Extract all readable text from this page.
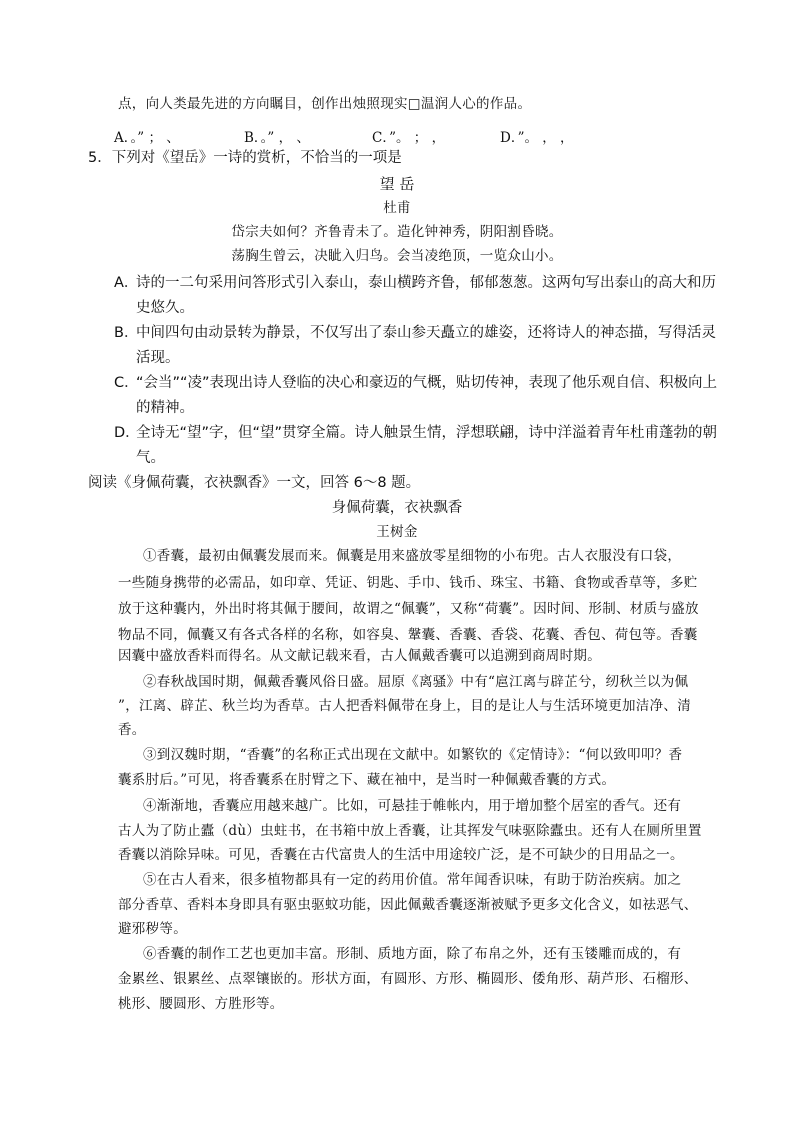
点，向人类最先进的方向瞩目，创作出烛照现实□温润人心的作品。
A．。” ； 、	B．。” ， 、	C．”。 ； ，	D．”。 ， ，
5．下列对《望岳》一诗的赏析，不恰当的一项是
望 岳
杜甫
岱宗夫如何？齐鲁青未了。造化钟神秀，阴阳割昏晓。
荡胸生曾云，决眦入归鸟。会当凌绝顶，一览众山小。
A．
诗的一二句采用问答形式引入泰山，泰山横跨齐鲁，郁郁葱葱。这两句写出泰山的高大和历
史悠久。
B．
中间四句由动景转为静景，不仅写出了泰山参天矗立的雄姿，还将诗人的神态描，写得活灵
活现。
C．
“会当”“凌”表现出诗人登临的决心和豪迈的气概，贴切传神，表现了他乐观自信、积极向上
的精神。
D．
全诗无“望”字，但“望”贯穿全篇。诗人触景生情，浮想联翩，诗中洋溢着青年杜甫蓬勃的朝
气。
阅读《身佩荷囊，衣袂飘香》一文，回答 6～8 题。
身佩荷囊，衣袂飘香
王树金
①香囊，最初由佩囊发展而来。佩囊是用来盛放零星细物的小布兜。古人衣服没有口袋，
一些随身携带的必需品，如印章、凭证、钥匙、手巾、钱币、珠宝、书籍、食物或香草等，多贮
放于这种囊内，外出时将其佩于腰间，故谓之“佩囊”，又称“荷囊”。因时间、形制、材质与盛放
物品不同，佩囊又有各式各样的名称，如容臭、鞶囊、香囊、香袋、花囊、香包、荷包等。香囊
因囊中盛放香料而得名。从文献记载来看，古人佩戴香囊可以追溯到商周时期。
②春秋战国时期，佩戴香囊风俗日盛。屈原《离骚》中有“扈江离与辟芷兮，纫秋兰以为佩
”，江离、辟芷、秋兰均为香草。古人把香料佩带在身上，目的是让人与生活环境更加洁净、清
香。
③到汉魏时期，“香囊”的名称正式出现在文献中。如繁钦的《定情诗》：“何以致叩叩？香
囊系肘后。”可见，将香囊系在肘臂之下、藏在袖中，是当时一种佩戴香囊的方式。
④渐渐地，香囊应用越来越广。比如，可悬挂于帷帐内，用于增加整个居室的香气。还有
古人为了防止蠹（dù）虫蛀书，在书箱中放上香囊，让其挥发气味驱除蠹虫。还有人在厕所里置
香囊以消除异味。可见，香囊在古代富贵人的生活中用途较广泛，是不可缺少的日用品之一。
⑤在古人看来，很多植物都具有一定的药用价值。常年闻香识味，有助于防治疾病。加之
部分香草、香料本身即具有驱虫驱蚊功能，因此佩戴香囊逐渐被赋予更多文化含义，如祛恶气、
避邪秽等。
⑥香囊的制作工艺也更加丰富。形制、质地方面，除了布帛之外，还有玉镂雕而成的，有
金累丝、银累丝、点翠镶嵌的。形状方面，有圆形、方形、椭圆形、倭角形、葫芦形、石榴形、
桃形、腰圆形、方胜形等。
